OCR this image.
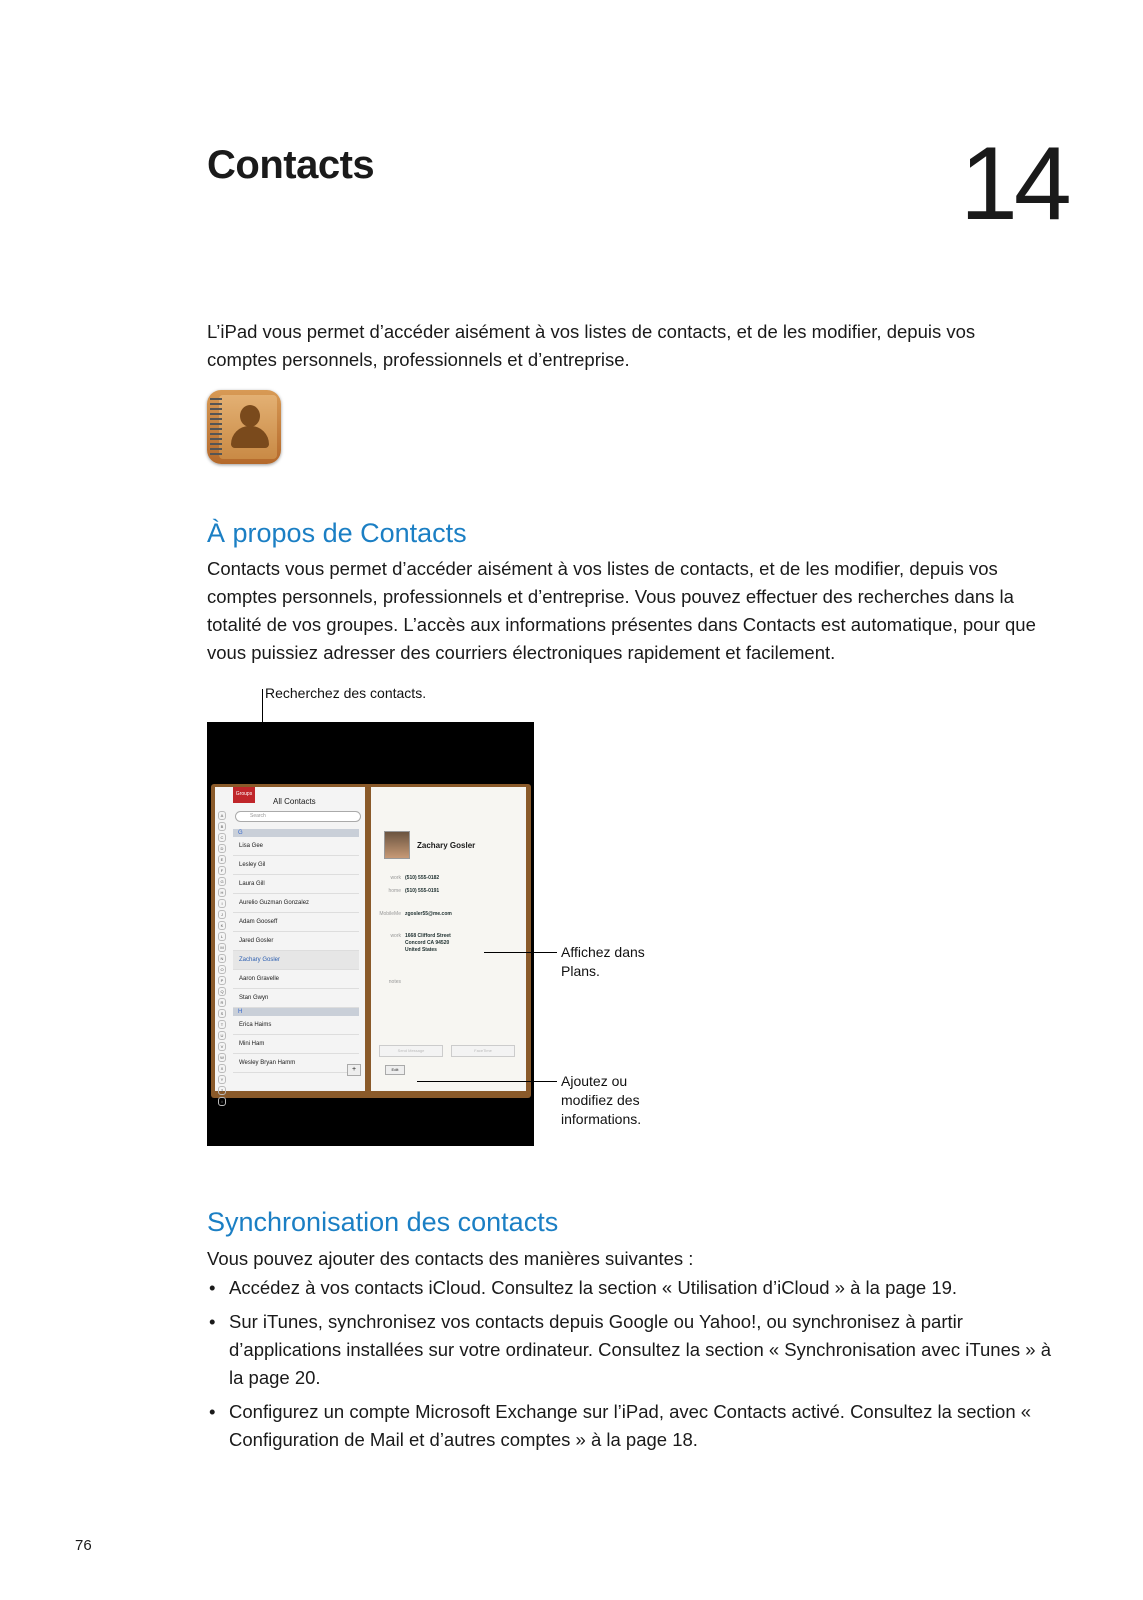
Contacts	14
L’iPad vous permet d’accéder aisément à vos listes de contacts, et de les modifier, depuis vos comptes personnels, professionnels et d’entreprise.
À propos de Contacts
Contacts vous permet d’accéder aisément à vos listes de contacts, et de les modifier, depuis vos comptes personnels, professionnels et d’entreprise. Vous pouvez effectuer des recherches dans la totalité de vos groupes. L’accès aux informations présentes dans Contacts est automatique, pour que vous puissiez adresser des courriers électroniques rapidement et facilement.
Recherchez des contacts.
Groups
All Contacts
Search
A
B
C
D
E
F
G
H
I
J
K
L
M
N
O
P
Q
R
S
T
U
V
W
X
Y
Z
#
G
Lisa Gee
Lesley Gil
Laura Gill
Aurelio Guzman Gonzalez
Adam Gooseff
Jared Gosler
Zachary Gosler
Aaron Gravelle
Stan Gwyn
H
Erica Haims
Mini Ham
Wesley Bryan Hamm
+
Zachary Gosler
work (510) 555-0182
home (510) 555-0191
MobileMe zgosler55@me.com
work 1668 Clifford Street
Concord CA 94520
United States
notes
Send Message	FaceTime
Edit
Affichez dans Plans.
Ajoutez ou modifiez des informations.
Synchronisation des contacts
Vous pouvez ajouter des contacts des manières suivantes :
• Accédez à vos contacts iCloud. Consultez la section « Utilisation d’iCloud » à la page 19.
• Sur iTunes, synchronisez vos contacts depuis Google ou Yahoo!, ou synchronisez à partir d’applications installées sur votre ordinateur. Consultez la section « Synchronisation avec iTunes » à la page 20.
• Configurez un compte Microsoft Exchange sur l’iPad, avec Contacts activé. Consultez la section « Configuration de Mail et d’autres comptes » à la page 18.
76
